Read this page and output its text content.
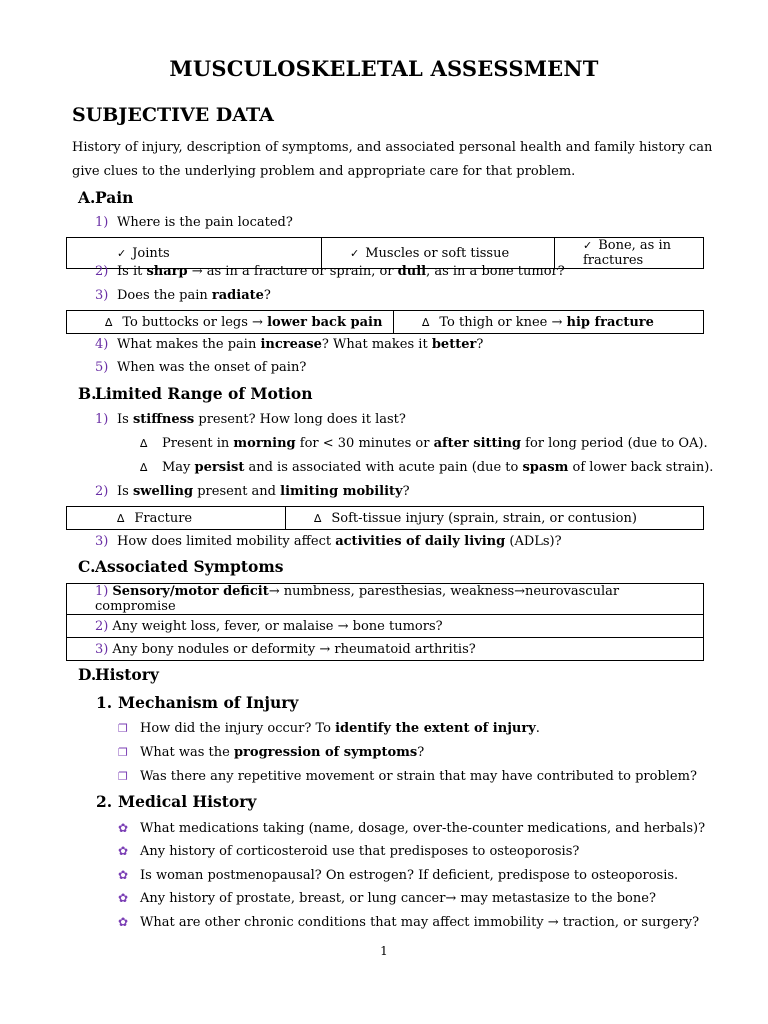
MUSCULOSKELETAL ASSESSMENT
SUBJECTIVE DATA
History of injury, description of symptoms, and associated personal health and family history can
give clues to the underlying problem and appropriate care for that problem.
A.Pain
1) Where is the pain located?
✓ Joints	✓ Muscles or soft tissue	✓ Bone, as in fractures
2) Is it sharp → as in a fracture or sprain, or dull, as in a bone tumor?
3) Does the pain radiate?
∆ To buttocks or legs → lower back pain	∆ To thigh or knee → hip fracture
4) What makes the pain increase? What makes it better?
5) When was the onset of pain?
B.Limited Range of Motion
1) Is stiffness present? How long does it last?
∆ Present in morning for < 30 minutes or after sitting for long period (due to OA).
∆ May persist and is associated with acute pain (due to spasm of lower back strain).
2) Is swelling present and limiting mobility?
∆ Fracture	∆ Soft-tissue injury (sprain, strain, or contusion)
3) How does limited mobility affect activities of daily living (ADLs)?
C.Associated Symptoms
1) Sensory/motor deficit→ numbness, paresthesias, weakness→neurovascular compromise
2) Any weight loss, fever, or malaise → bone tumors?
3) Any bony nodules or deformity → rheumatoid arthritis?
D.History
1. Mechanism of Injury
❐ How did the injury occur? To identify the extent of injury.
❐ What was the progression of symptoms?
❐ Was there any repetitive movement or strain that may have contributed to problem?
2. Medical History
✿ What medications taking (name, dosage, over-the-counter medications, and herbals)?
✿ Any history of corticosteroid use that predisposes to osteoporosis?
✿ Is woman postmenopausal? On estrogen? If deficient, predispose to osteoporosis.
✿ Any history of prostate, breast, or lung cancer→ may metastasize to the bone?
✿ What are other chronic conditions that may affect immobility → traction, or surgery?
1
